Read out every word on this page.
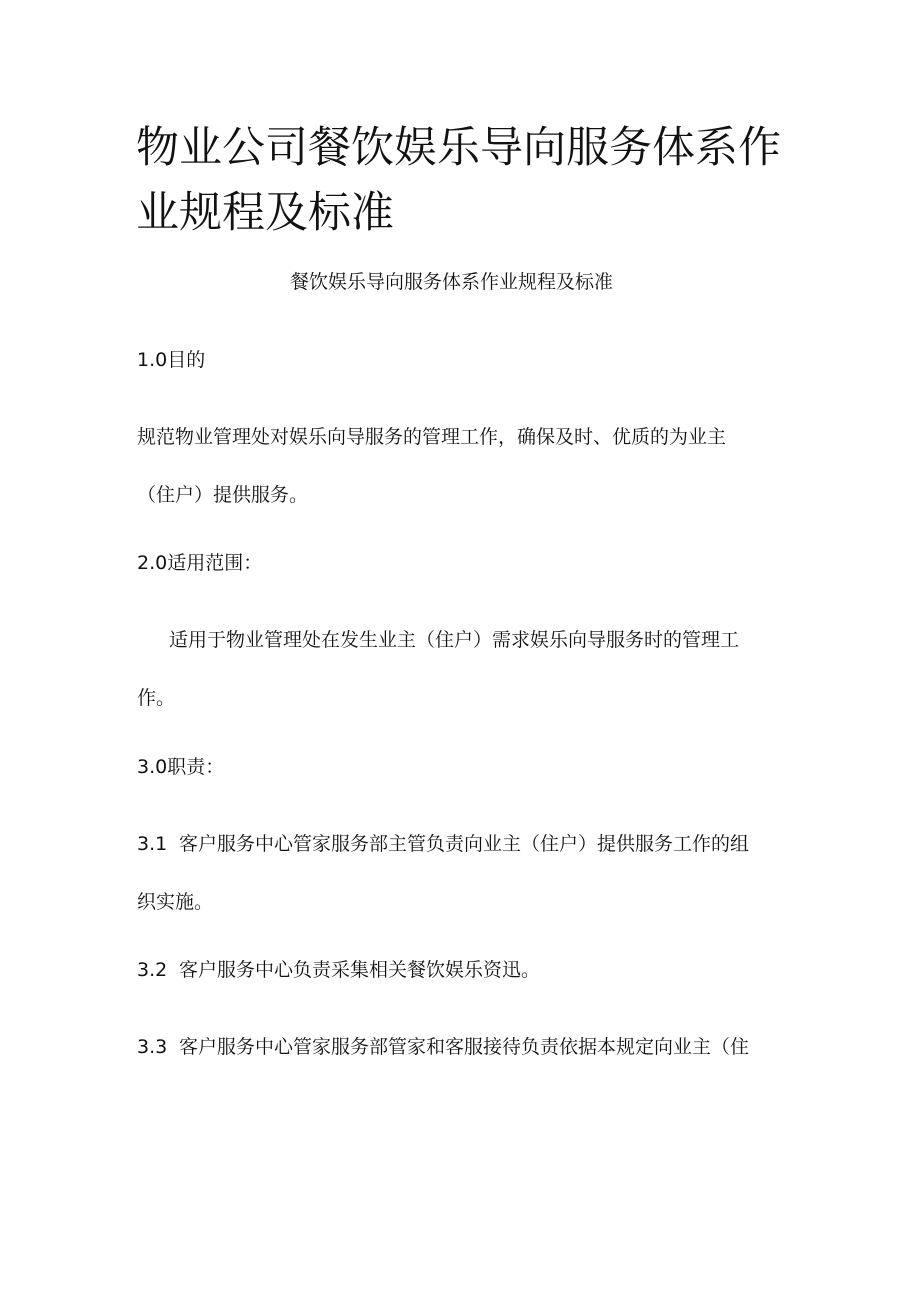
物业公司餐饮娱乐导向服务体系作
业规程及标准
餐饮娱乐导向服务体系作业规程及标准
1.0目的
规范物业管理处对娱乐向导服务的管理工作，确保及时、优质的为业主
（住户）提供服务。
2.0适用范围：
适用于物业管理处在发生业主（住户）需求娱乐向导服务时的管理工
作。
3.0职责：
3.1 客户服务中心管家服务部主管负责向业主（住户）提供服务工作的组
织实施。
3.2 客户服务中心负责采集相关餐饮娱乐资迅。
3.3 客户服务中心管家服务部管家和客服接待负责依据本规定向业主（住
